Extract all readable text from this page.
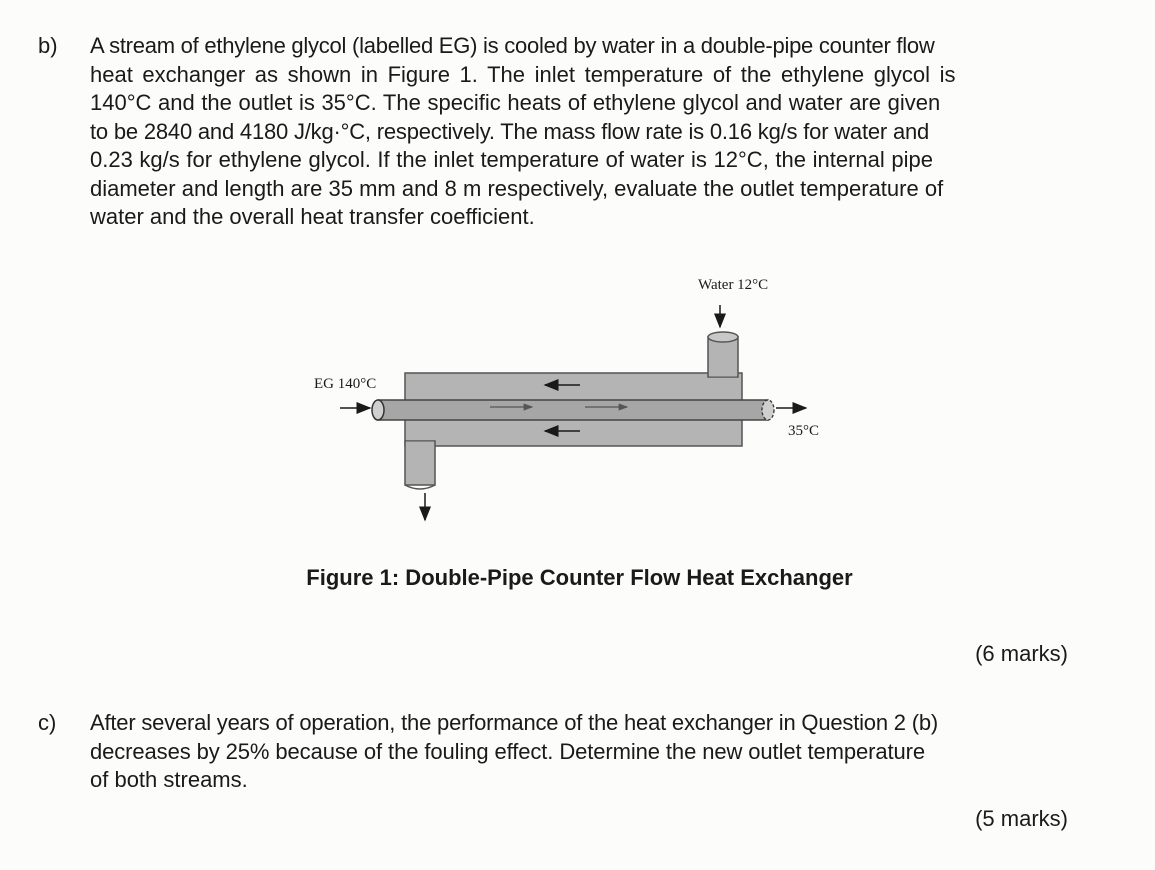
b) A stream of ethylene glycol (labelled EG) is cooled by water in a double-pipe counter flow
heat exchanger as shown in Figure 1. The inlet temperature of the ethylene glycol is
140°C and the outlet is 35°C. The specific heats of ethylene glycol and water are given
to be 2840 and 4180 J/kg·°C, respectively. The mass flow rate is 0.16 kg/s for water and
0.23 kg/s for ethylene glycol. If the inlet temperature of water is 12°C, the internal pipe
diameter and length are 35 mm and 8 m respectively, evaluate the outlet temperature of
water and the overall heat transfer coefficient.
Water 12°C
EG 140°C
35°C
Figure 1: Double-Pipe Counter Flow Heat Exchanger
(6 marks)
c) After several years of operation, the performance of the heat exchanger in Question 2 (b)
decreases by 25% because of the fouling effect. Determine the new outlet temperature
of both streams.
(5 marks)
